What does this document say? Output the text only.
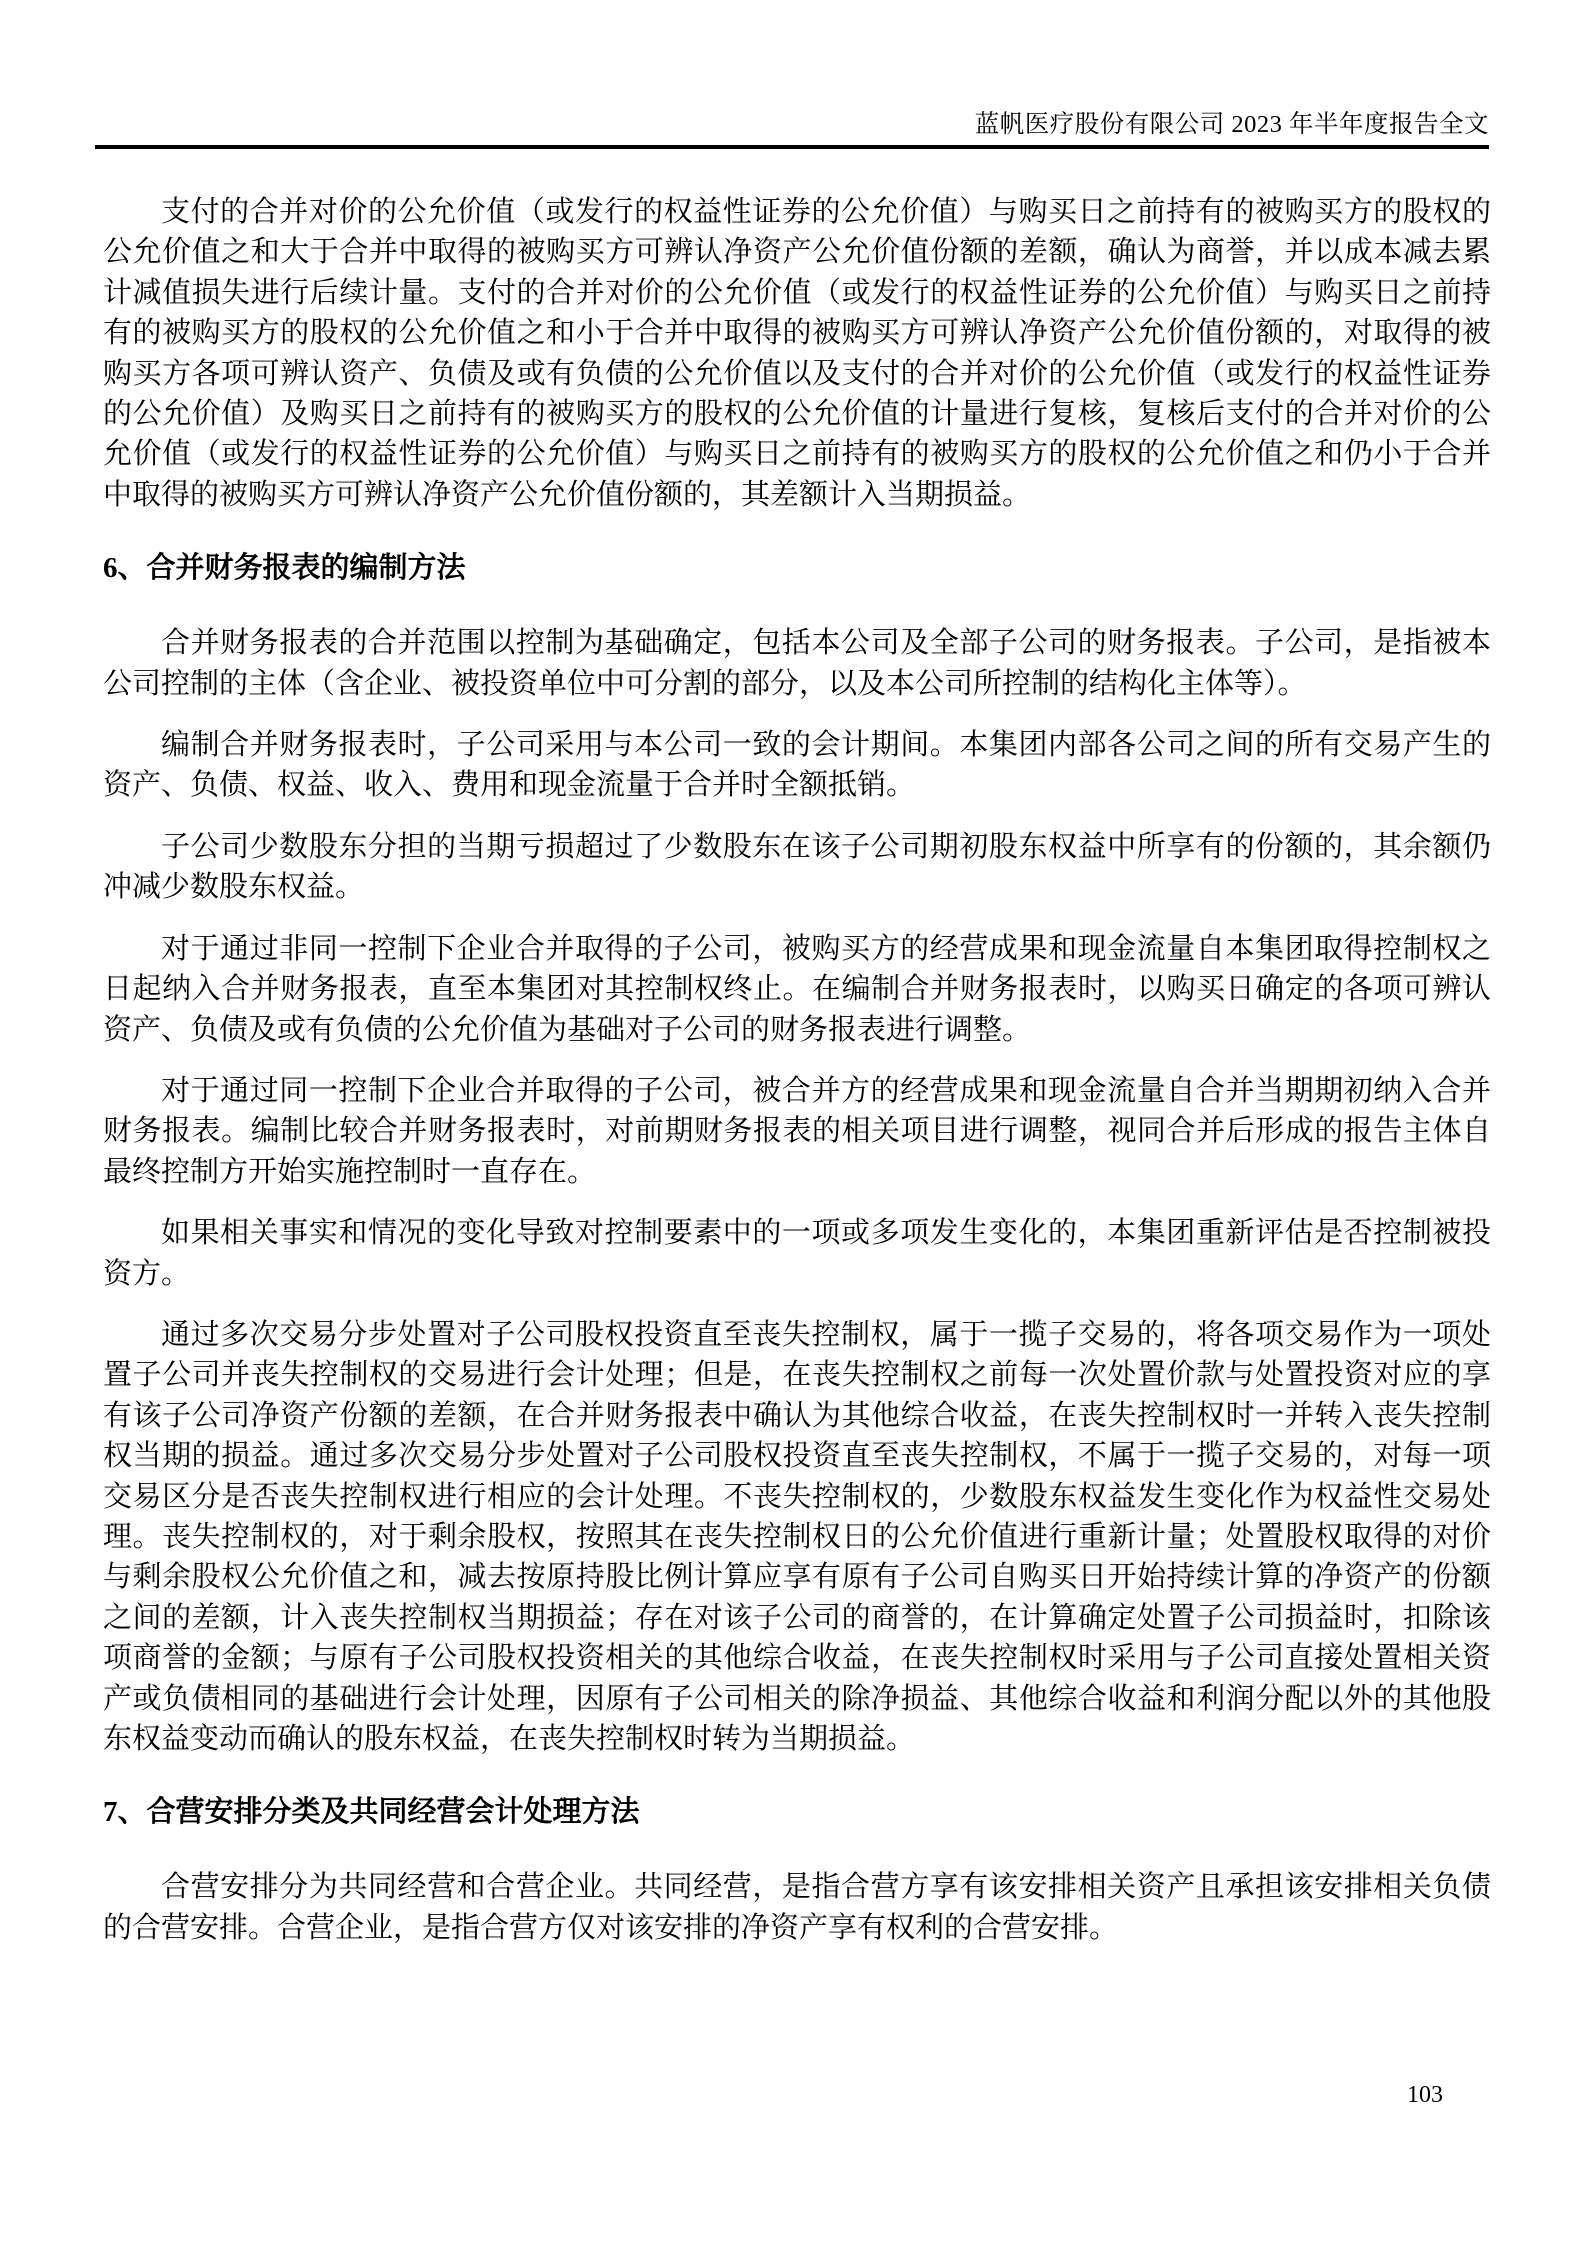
蓝帆医疗股份有限公司 2023 年半年度报告全文

支付的合并对价的公允价值（或发行的权益性证券的公允价值）与购买日之前持有的被购买方的股权的公允价值之和大于合并中取得的被购买方可辨认净资产公允价值份额的差额，确认为商誉，并以成本减去累计减值损失进行后续计量。支付的合并对价的公允价值（或发行的权益性证券的公允价值）与购买日之前持有的被购买方的股权的公允价值之和小于合并中取得的被购买方可辨认净资产公允价值份额的，对取得的被购买方各项可辨认资产、负债及或有负债的公允价值以及支付的合并对价的公允价值（或发行的权益性证券的公允价值）及购买日之前持有的被购买方的股权的公允价值的计量进行复核，复核后支付的合并对价的公允价值（或发行的权益性证券的公允价值）与购买日之前持有的被购买方的股权的公允价值之和仍小于合并中取得的被购买方可辨认净资产公允价值份额的，其差额计入当期损益。

6、合并财务报表的编制方法

合并财务报表的合并范围以控制为基础确定，包括本公司及全部子公司的财务报表。子公司，是指被本公司控制的主体（含企业、被投资单位中可分割的部分，以及本公司所控制的结构化主体等）。

编制合并财务报表时，子公司采用与本公司一致的会计期间。本集团内部各公司之间的所有交易产生的资产、负债、权益、收入、费用和现金流量于合并时全额抵销。

子公司少数股东分担的当期亏损超过了少数股东在该子公司期初股东权益中所享有的份额的，其余额仍冲减少数股东权益。

对于通过非同一控制下企业合并取得的子公司，被购买方的经营成果和现金流量自本集团取得控制权之日起纳入合并财务报表，直至本集团对其控制权终止。在编制合并财务报表时，以购买日确定的各项可辨认资产、负债及或有负债的公允价值为基础对子公司的财务报表进行调整。

对于通过同一控制下企业合并取得的子公司，被合并方的经营成果和现金流量自合并当期期初纳入合并财务报表。编制比较合并财务报表时，对前期财务报表的相关项目进行调整，视同合并后形成的报告主体自最终控制方开始实施控制时一直存在。

如果相关事实和情况的变化导致对控制要素中的一项或多项发生变化的，本集团重新评估是否控制被投资方。

通过多次交易分步处置对子公司股权投资直至丧失控制权，属于一揽子交易的，将各项交易作为一项处置子公司并丧失控制权的交易进行会计处理；但是，在丧失控制权之前每一次处置价款与处置投资对应的享有该子公司净资产份额的差额，在合并财务报表中确认为其他综合收益，在丧失控制权时一并转入丧失控制权当期的损益。通过多次交易分步处置对子公司股权投资直至丧失控制权，不属于一揽子交易的，对每一项交易区分是否丧失控制权进行相应的会计处理。不丧失控制权的，少数股东权益发生变化作为权益性交易处理。丧失控制权的，对于剩余股权，按照其在丧失控制权日的公允价值进行重新计量；处置股权取得的对价与剩余股权公允价值之和，减去按原持股比例计算应享有原有子公司自购买日开始持续计算的净资产的份额之间的差额，计入丧失控制权当期损益；存在对该子公司的商誉的，在计算确定处置子公司损益时，扣除该项商誉的金额；与原有子公司股权投资相关的其他综合收益，在丧失控制权时采用与子公司直接处置相关资产或负债相同的基础进行会计处理，因原有子公司相关的除净损益、其他综合收益和利润分配以外的其他股东权益变动而确认的股东权益，在丧失控制权时转为当期损益。

7、合营安排分类及共同经营会计处理方法

合营安排分为共同经营和合营企业。共同经营，是指合营方享有该安排相关资产且承担该安排相关负债的合营安排。合营企业，是指合营方仅对该安排的净资产享有权利的合营安排。

103
